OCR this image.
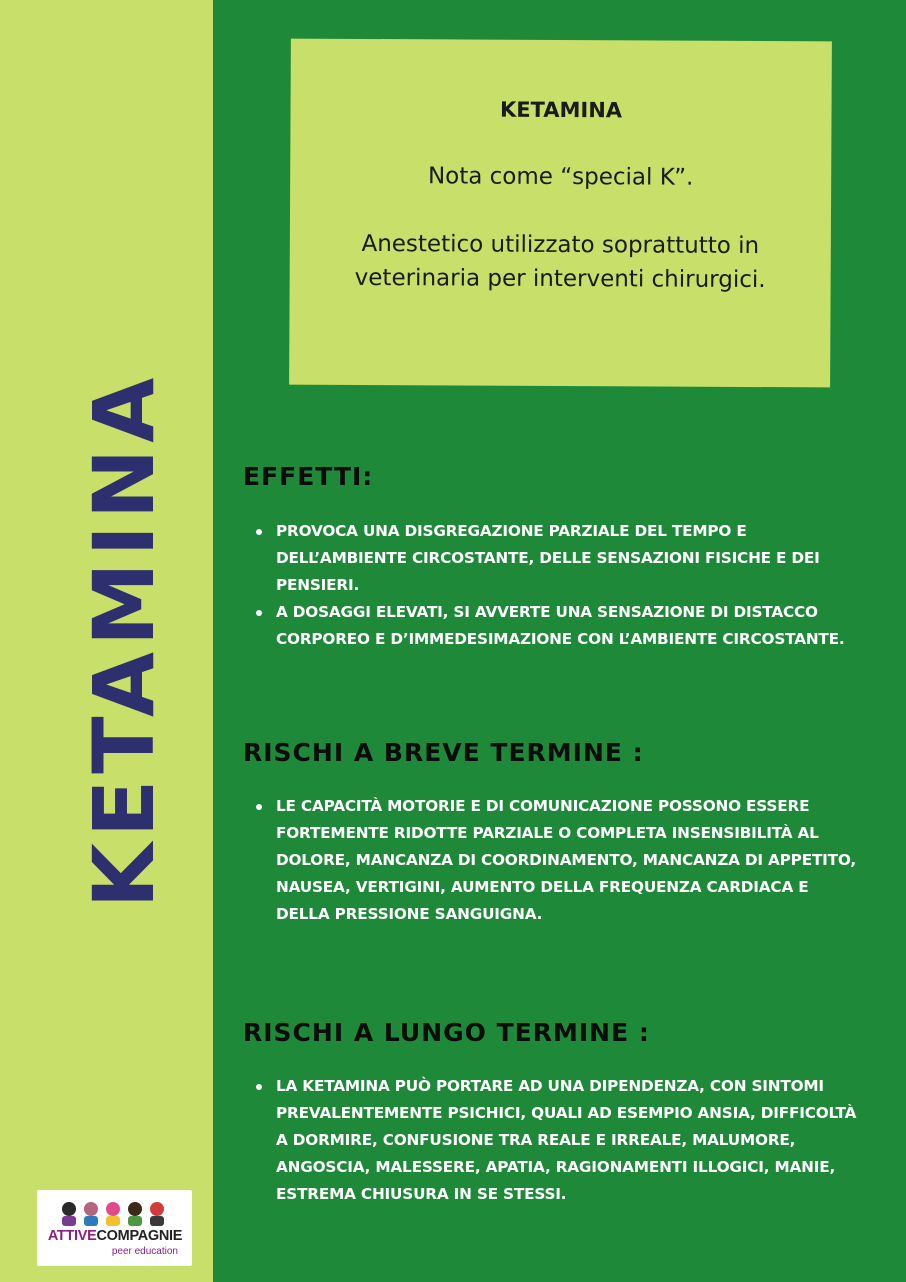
KETAMINA
ATTIVECOMPAGNIE
peer education
KETAMINA
Nota come “special K”.
Anestetico utilizzato soprattutto in veterinaria per interventi chirurgici.
EFFETTI:
PROVOCA UNA DISGREGAZIONE PARZIALE DEL TEMPO E DELL’AMBIENTE CIRCOSTANTE, DELLE SENSAZIONI FISICHE E DEI PENSIERI.
A DOSAGGI ELEVATI, SI AVVERTE UNA SENSAZIONE DI DISTACCO CORPOREO E D’IMMEDESIMAZIONE CON L’AMBIENTE CIRCOSTANTE.
RISCHI A BREVE TERMINE :
LE CAPACITÀ MOTORIE E DI COMUNICAZIONE POSSONO ESSERE FORTEMENTE RIDOTTE PARZIALE O COMPLETA INSENSIBILITÀ AL DOLORE, MANCANZA DI COORDINAMENTO, MANCANZA DI APPETITO, NAUSEA, VERTIGINI, AUMENTO DELLA FREQUENZA CARDIACA E DELLA PRESSIONE SANGUIGNA.
RISCHI A LUNGO TERMINE :
LA KETAMINA PUÒ PORTARE AD UNA DIPENDENZA, CON SINTOMI PREVALENTEMENTE PSICHICI, QUALI AD ESEMPIO ANSIA, DIFFICOLTÀ A DORMIRE, CONFUSIONE TRA REALE E IRREALE, MALUMORE, ANGOSCIA, MALESSERE, APATIA, RAGIONAMENTI ILLOGICI, MANIE, ESTREMA CHIUSURA IN SE STESSI.
